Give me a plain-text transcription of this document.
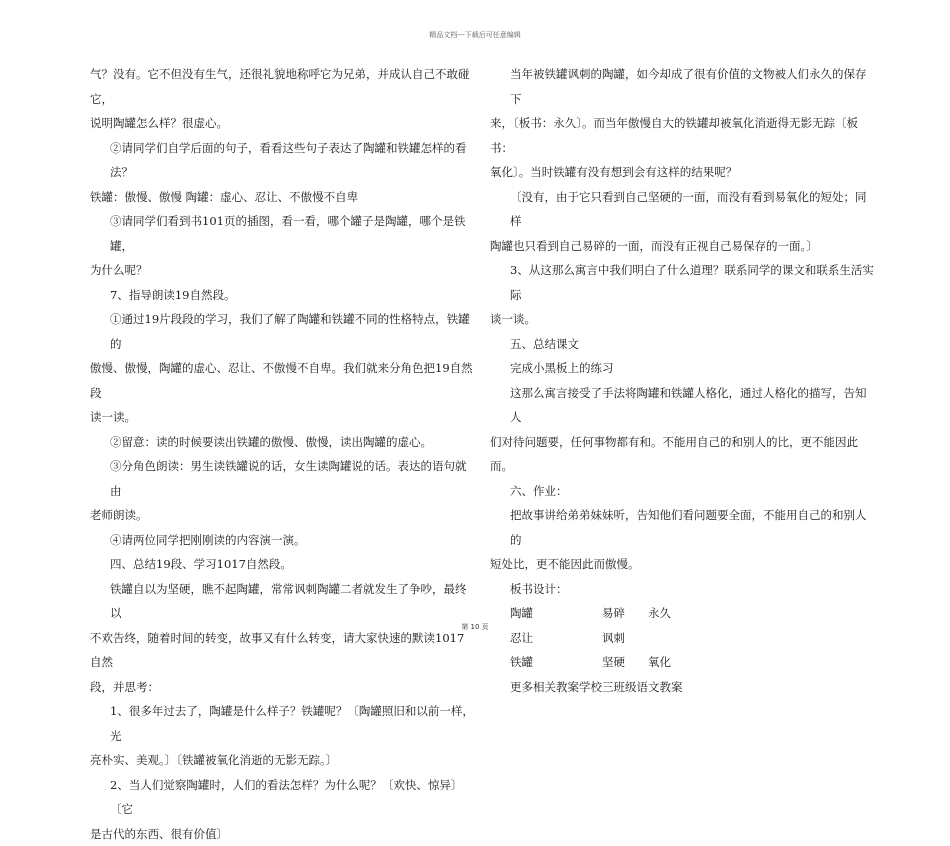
精品文档---下载后可任意编辑

气？没有。它不但没有生气，还很礼貌地称呼它为兄弟，并成认自己不敢碰它，

说明陶罐怎么样？很虚心。

②请同学们自学后面的句子，看看这些句子表达了陶罐和铁罐怎样的看法？

铁罐：傲慢、傲慢 陶罐：虚心、忍让、不傲慢不自卑

③请同学们看到书101页的插图，看一看，哪个罐子是陶罐，哪个是铁罐，

为什么呢？

7、指导朗读19自然段。

①通过19片段段的学习，我们了解了陶罐和铁罐不同的性格特点，铁罐的

傲慢、傲慢，陶罐的虚心、忍让、不傲慢不自卑。我们就来分角色把19自然段

读一读。

②留意：读的时候要读出铁罐的傲慢、傲慢，读出陶罐的虚心。

③分角色朗读：男生读铁罐说的话，女生读陶罐说的话。表达的语句就由

老师朗读。

④请两位同学把刚刚读的内容演一演。

四、总结19段、学习1017自然段。

铁罐自以为坚硬，瞧不起陶罐，常常讽刺陶罐二者就发生了争吵，最终以

不欢告终，随着时间的转变，故事又有什么转变，请大家快速的默读1017自然

段，并思考：

1、很多年过去了，陶罐是什么样子？铁罐呢？〔陶罐照旧和以前一样，光

亮朴实、美观。〕〔铁罐被氧化消逝的无影无踪。〕

2、当人们觉察陶罐时，人们的看法怎样？为什么呢？〔欢快、惊异〕〔它

是古代的东西、很有价值〕

当年被铁罐讽刺的陶罐，如今却成了很有价值的文物被人们永久的保存下

来，〔板书：永久〕。而当年傲慢自大的铁罐却被氧化消逝得无影无踪〔板书：

氧化〕。当时铁罐有没有想到会有这样的结果呢？

〔没有，由于它只看到自己坚硬的一面，而没有看到易氧化的短处；同样

陶罐也只看到自己易碎的一面，而没有正视自己易保存的一面。〕

3、从这那么寓言中我们明白了什么道理？联系同学的课文和联系生活实际

谈一谈。

五、总结课文

完成小黑板上的练习

这那么寓言接受了手法将陶罐和铁罐人格化，通过人格化的描写，告知人

们对待问题要，任何事物都有和。不能用自己的和别人的比，更不能因此而。

六、作业：

把故事讲给弟弟妹妹听，告知他们看问题要全面，不能用自己的和别人的

短处比，更不能因此而傲慢。

板书设计：

陶罐	易碎 永久
忍让	讽刺
铁罐	坚硬 氧化

更多相关教案学校三班级语文教案

第 10 页
